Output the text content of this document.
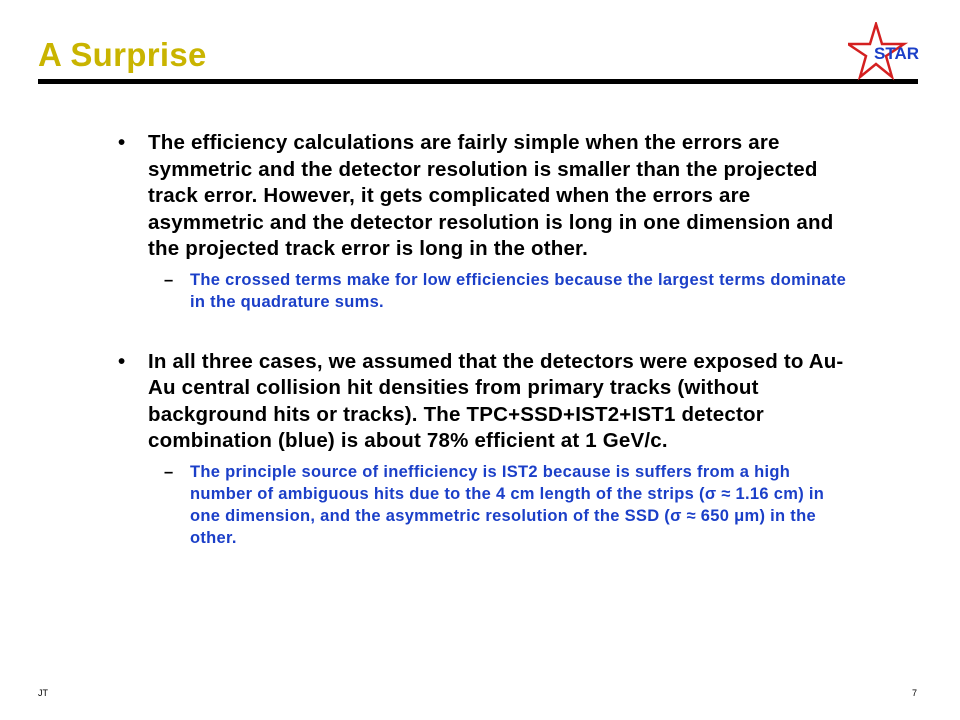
A Surprise	STAR
• The efficiency calculations are fairly simple when the errors are symmetric and the detector resolution is smaller than the projected track error. However, it gets complicated when the errors are asymmetric and the detector resolution is long in one dimension and the projected track error is long in the other.
– The crossed terms make for low efficiencies because the largest terms dominate in the quadrature sums.
• In all three cases, we assumed that the detectors were exposed to Au-Au central collision hit densities from primary tracks (without background hits or tracks). The TPC+SSD+IST2+IST1 detector combination (blue) is about 78% efficient at 1 GeV/c.
– The principle source of inefficiency is IST2 because is suffers from a high number of ambiguous hits due to the 4 cm length of the strips (σ ≈ 1.16 cm) in one dimension, and the asymmetric resolution of the SSD (σ ≈ 650 μm) in the other.
JT	7
